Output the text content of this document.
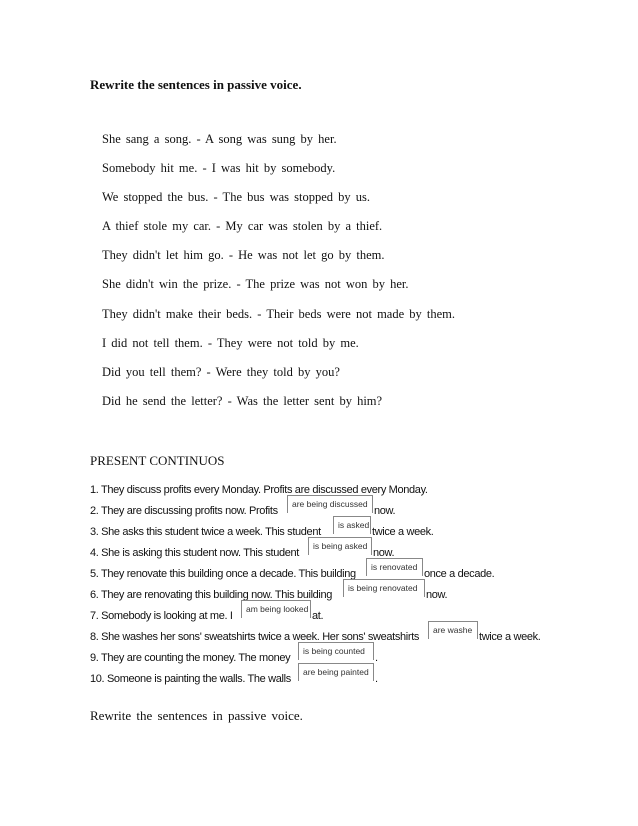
Rewrite the sentences in passive voice.
She sang a song. - A song was sung by her.
Somebody hit me. - I was hit by somebody.
We stopped the bus. - The bus was stopped by us.
A thief stole my car. - My car was stolen by a thief.
They didn't let him go. - He was not let go by them.
She didn't win the prize. - The prize was not won by her.
They didn't make their beds. - Their beds were not made by them.
I did not tell them. - They were not told by me.
Did you tell them? - Were they told by you?
Did he send the letter? - Was the letter sent by him?
PRESENT CONTINUOS
1. They discuss profits every Monday. Profits are discussed every Monday.
2. They are discussing profits now. Profits
are being discussed
now.
3. She asks this student twice a week. This student
is asked
twice a week.
4. She is asking this student now. This student
is being asked
now.
5. They renovate this building once a decade. This building
is renovated
once a decade.
6. They are renovating this building now. This building
is being renovated
now.
7. Somebody is looking at me. I
am being looked
at.
8. She washes her sons' sweatshirts twice a week. Her sons' sweatshirts
are washe
twice a week.
9. They are counting the money. The money
is being counted
.
10. Someone is painting the walls. The walls
are being painted
.
Rewrite the sentences in passive voice.
